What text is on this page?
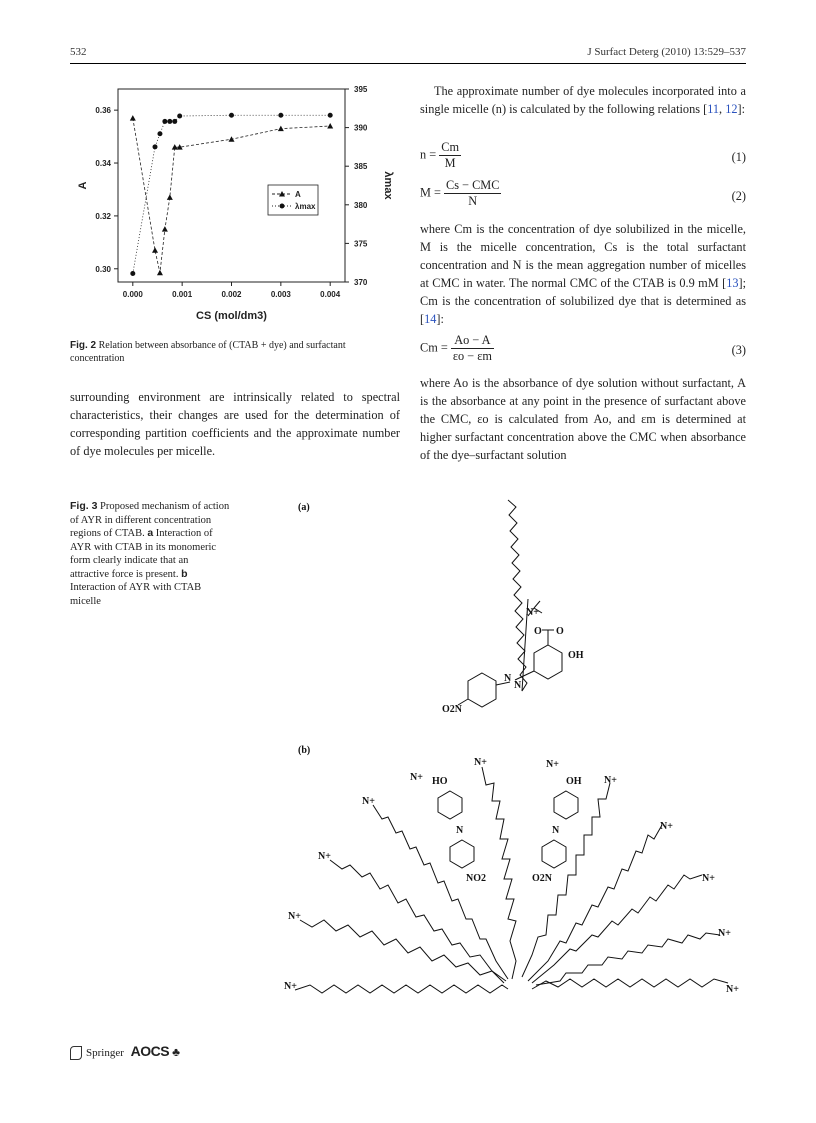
532	J Surfact Deterg (2010) 13:529–537
0.000	0.001	0.002	0.003	0.004
0.30
0.32
0.34
0.36
370
375
380
385
390
395
CS (mol/dm3)
A	λmax
A
λmax
Fig. 2 Relation between absorbance of (CTAB + dye) and surfactant concentration
surrounding environment are intrinsically related to spectral characteristics, their changes are used for the determination of corresponding partition coefficients and the approximate number of dye molecules per micelle.
The approximate number of dye molecules incorporated into a single micelle (n) is calculated by the following relations [11, 12]:
$n = \frac{Cm}{M}$	(1)
$M = \frac{\text{Cs − CMC}}{N}$	(2)
where Cm is the concentration of dye solubilized in the micelle, M is the micelle concentration, Cs is the total surfactant concentration and N is the mean aggregation number of micelles at CMC in water. The normal CMC of the CTAB is 0.9 mM [13]; Cm is the concentration of solubilized dye that is determined as [14]:
$Cm = \frac{Ao - A}{\varepsilon o - \varepsilon m}$	(3)
where Ao is the absorbance of dye solution without surfactant, A is the absorbance at any point in the presence of surfactant above the CMC, εo is calculated from Ao, and εm is determined at higher surfactant concentration above the CMC when absorbance of the dye–surfactant solution
Fig. 3 Proposed mechanism of action of AYR in different concentration regions of CTAB. a Interaction of AYR with CTAB in its monomeric form clearly indicate that an attractive force is present. b Interaction of AYR with CTAB micelle
(a)
(b)
N+
O O
OH
N
N
O2N
N+
N+
N+
N+
N+
N+	N+
N+
N+
N+
N+
N+
HO	OH
N	N
NO2	O2N
Springer AOCS ♣
